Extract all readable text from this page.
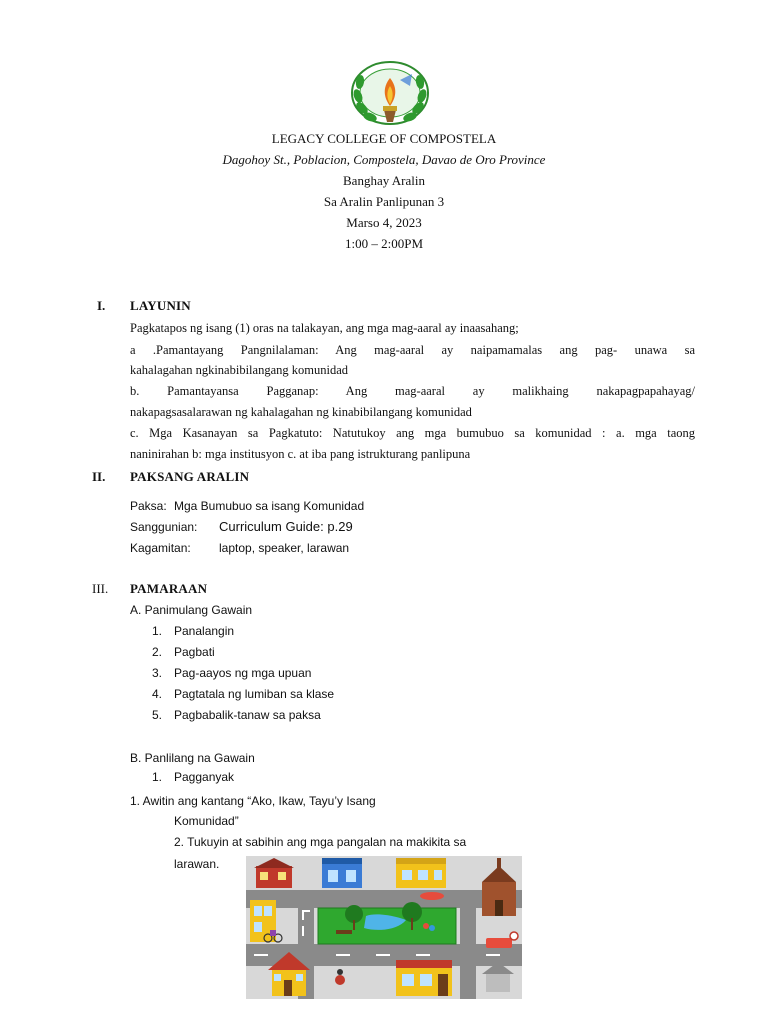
LEGACY COLLEGE OF COMPOSTELA
Dagohoy St., Poblacion, Compostela, Davao de Oro Province
Banghay Aralin
Sa Aralin Panlipunan 3
Marso 4, 2023
1:00 – 2:00PM
I. LAYUNIN
Pagkatapos ng isang (1) oras na talakayan, ang mga mag-aaral ay inaasahang;
a .Pamantayang Pangnilalaman: Ang mag-aaral ay naipamamalas ang pag- unawa sa
kahalagahan ngkinabibilangang komunidad
b. Pamantayansa Pagganap: Ang mag-aaral ay malikhaing nakapagpapahayag/
nakapagsasalarawan ng kahalagahan ng kinabibilangang komunidad
c. Mga Kasanayan sa Pagkatuto: Natutukoy ang mga bumubuo sa komunidad : a. mga taong
naninirahan b: mga institusyon c. at iba pang istrukturang panlipuna
II. PAKSANG ARALIN
Paksa: Mga Bumubuo sa isang Komunidad
Sanggunian: Curriculum Guide: p.29
Kagamitan: laptop, speaker, larawan
III. PAMARAAN
A. Panimulang Gawain
1. Panalangin
2. Pagbati
3. Pag-aayos ng mga upuan
4. Pagtatala ng lumiban sa klase
5. Pagbabalik-tanaw sa paksa
B. Panlilang na Gawain
1. Pagganyak
1. Awitin ang kantang “Ako, Ikaw, Tayu’y Isang
Komunidad”
2. Tukuyin at sabihin ang mga pangalan na makikita sa
larawan.
